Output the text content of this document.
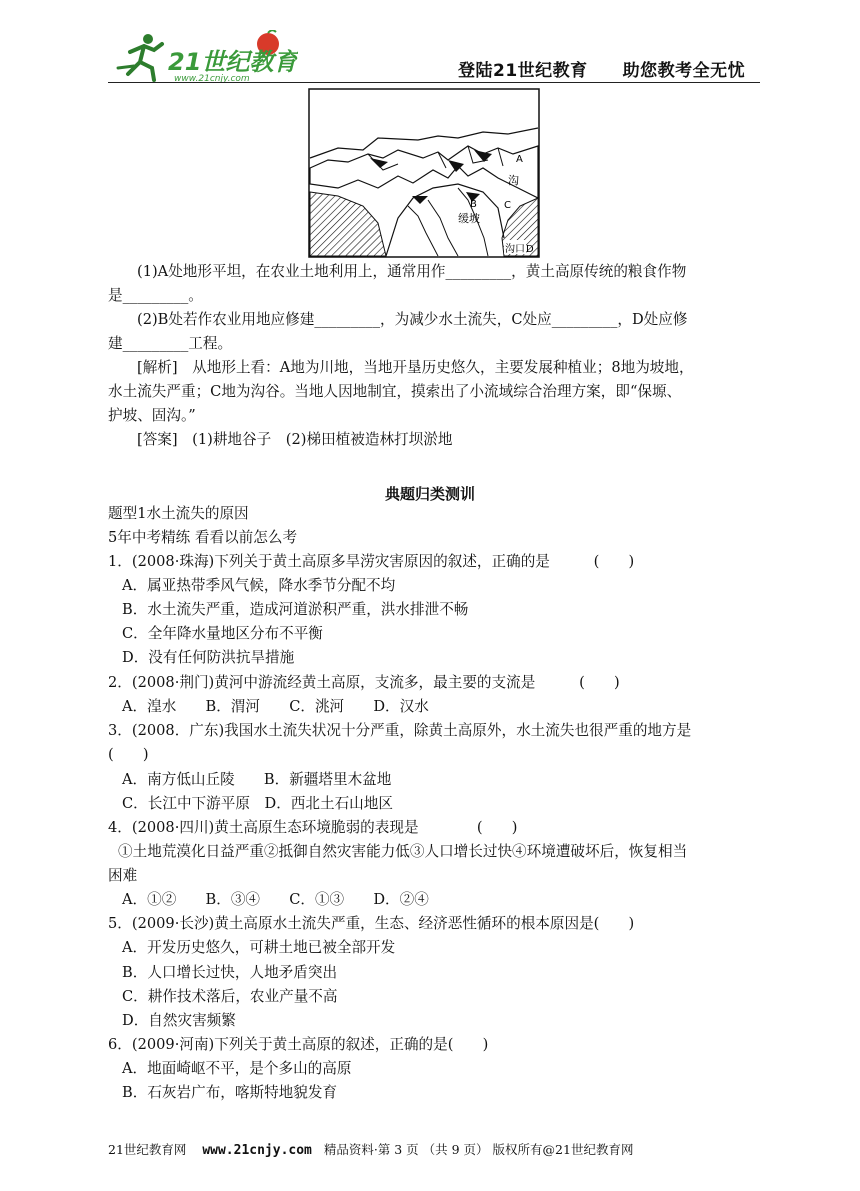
21世纪教育
www.21cnjy.com	登陆21世纪教育　　助您教考全无忧
A
沟
B	C
缓坡
沟口 D
(1)A处地形平坦，在农业土地利用上，通常用作_________，黄土高原传统的粮食作物
是_________。
(2)B处若作农业用地应修建_________，为减少水土流失，C处应_________，D处应修
建_________工程。
[解析]　从地形上看：A地为川地，当地开垦历史悠久，主要发展种植业；8地为坡地，
水土流失严重；C地为沟谷。当地人因地制宜，摸索出了小流域综合治理方案，即“保塬、
护坡、固沟。”
[答案]　(1)耕地谷子　(2)梯田植被造林打坝淤地
典题归类测训
题型1水土流失的原因
5年中考精练 看看以前怎么考
1．(2008·珠海)下列关于黄土高原多旱涝灾害原因的叙述，正确的是　　　(　　)
A．属亚热带季风气候，降水季节分配不均
B．水土流失严重，造成河道淤积严重，洪水排泄不畅
C．全年降水量地区分布不平衡
D．没有任何防洪抗旱措施
2．(2008·荆门)黄河中游流经黄土高原，支流多，最主要的支流是　　　(　　)
A．湟水　　B．渭河　　C．洮河　　D．汉水
3．(2008．广东)我国水土流失状况十分严重，除黄土高原外，水土流失也很严重的地方是
(　　)
A．南方低山丘陵　　B．新疆塔里木盆地
C．长江中下游平原　D．西北土石山地区
4．(2008·四川)黄土高原生态环境脆弱的表现是　　　　(　　)
①土地荒漠化日益严重②抵御自然灾害能力低③人口增长过快④环境遭破坏后，恢复相当
困难
A．①②　　B．③④　　C．①③　　D．②④
5．(2009·长沙)黄土高原水土流失严重，生态、经济恶性循环的根本原因是(　　)
A．开发历史悠久，可耕土地已被全部开发
B．人口增长过快，人地矛盾突出
C．耕作技术落后，农业产量不高
D．自然灾害频繁
6．(2009·河南)下列关于黄土高原的叙述，正确的是(　　)
A．地面崎岖不平，是个多山的高原
B．石灰岩广布，喀斯特地貌发育
21世纪教育网 www.21cnjy.com 精品资料·第 3 页 （共 9 页） 版权所有@21世纪教育网
